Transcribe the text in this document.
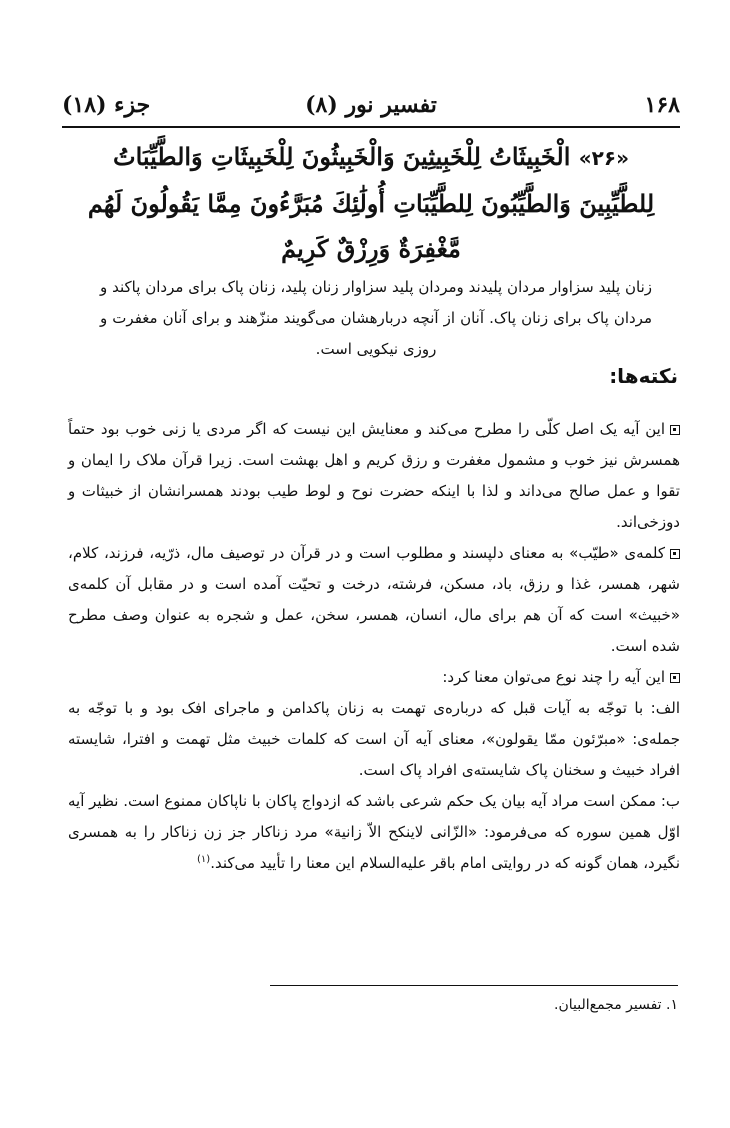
۱۶۸
تفسیر نور (۸)
جزء (۱۸)
«۲۶» الْخَبِيثَاتُ لِلْخَبِيثِينَ وَالْخَبِيثُونَ لِلْخَبِيثَاتِ وَالطَّيِّبَاتُ
لِلطَّيِّبِينَ وَالطَّيِّبُونَ لِلطَّيِّبَاتِ أُولَٰئِكَ مُبَرَّءُونَ مِمَّا يَقُولُونَ لَهُم
مَّغْفِرَةٌ وَرِزْقٌ كَرِيمٌ
زنان پلید سزاوار مردان پلیدند ومردان پلید سزاوار زنان پلید، زنان پاک برای مردان پاکند و مردان پاک برای زنان پاک. آنان از آنچه دربارهشان می‌گویند منزّهند و برای آنان مغفرت و روزی نیکویی است.
نکته‌ها:

این آیه یک اصل کلّی را مطرح می‌کند و معنایش این نیست که اگر مردی یا زنی خوب بود حتماً همسرش نیز خوب و مشمول مغفرت و رزق کریم و اهل بهشت است. زیرا قرآن ملاک را ایمان و تقوا و عمل صالح می‌داند و لذا با اینکه حضرت نوح و لوط طیب بودند همسرانشان از خبیثات و دوزخی‌اند.

کلمه‌ی «طیّب» به معنای دلپسند و مطلوب است و در قرآن در توصیف مال، ذرّیه، فرزند، کلام، شهر، همسر، غذا و رزق، باد، مسکن، فرشته، درخت و تحیّت آمده است و در مقابل آن کلمه‌ی «خبیث» است که آن هم برای مال، انسان، همسر، سخن، عمل و شجره به عنوان وصف مطرح شده است.

این آیه را چند نوع می‌توان معنا کرد:

الف: با توجّه به آیات قبل که درباره‌ی تهمت به زنان پاکدامن و ماجرای افک بود و با توجّه به جمله‌ی: «مبرّئون ممّا یقولون»، معنای آیه آن است که کلمات خبیث مثل تهمت و افترا، شایسته افراد خبیث و سخنان پاک شایسته‌ی افراد پاک است.

ب: ممکن است مراد آیه بیان یک حکم شرعی باشد که ازدواج پاکان با ناپاکان ممنوع است. نظیر آیه اوّل همین سوره که می‌فرمود: «الزّانی لاینکح الاّ زانیة» مرد زناکار جز زن زناکار را به همسری نگیرد، همان گونه که در روایتی امام باقر علیه‌السلام این معنا را تأیید می‌کند.$^{(۱)}$

۱. تفسیر مجمع‌البیان.
